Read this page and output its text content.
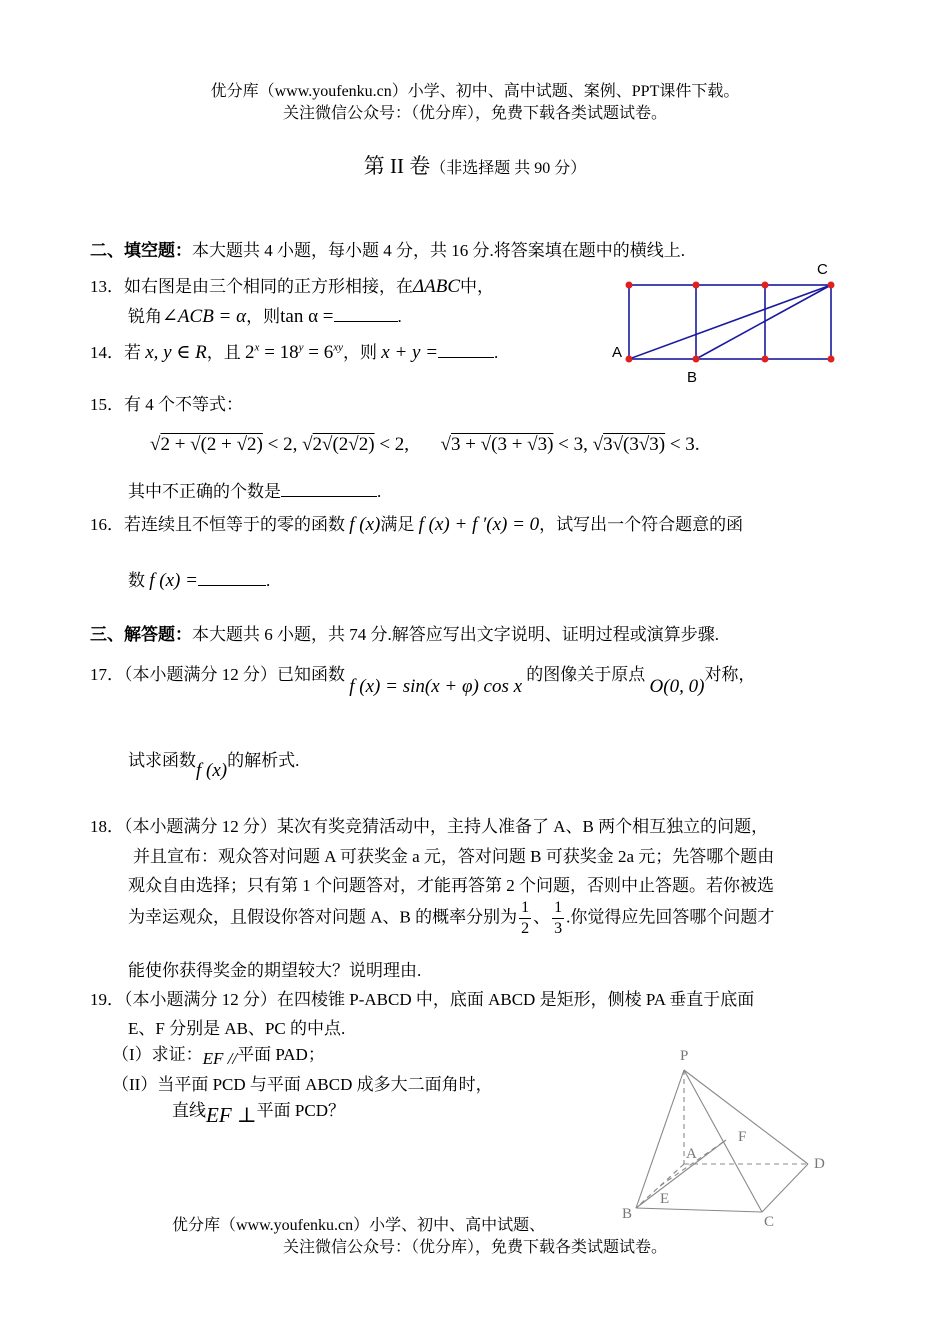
优分库（www.youfenku.cn）小学、初中、高中试题、案例、PPT课件下载。
关注微信公众号：（优分库），免费下载各类试题试卷。
第 II 卷（非选择题 共 90 分）
二、填空题：本大题共 4 小题，每小题 4 分，共 16 分.将答案填在题中的横线上.
13．如右图是由三个相同的正方形相接，在ΔABC中，
锐角∠ACB = α，则tan α =	.
14．若 x, y ∈ R，且 $2^x = 18^y = 6^{xy}$，则 x + y =	.
C
A
B
15．有 4 个不等式：
√2 + √(2 + √2) < 2, √2√(2√2) < 2, √3 + √(3 + √3) < 3, √3√(3√3) < 3.
其中不正确的个数是	.
16．若连续且不恒等于的零的函数 f (x)满足 f (x) + f ′(x) = 0，试写出一个符合题意的函
数 f (x) =	.
三、解答题：本大题共 6 小题，共 74 分.解答应写出文字说明、证明过程或演算步骤.
17．（本小题满分 12 分）已知函数 f (x) = sin(x + φ) cos x 的图像关于原点 O(0, 0)对称，
试求函数f (x)的解析式.
18．（本小题满分 12 分）某次有奖竞猜活动中，主持人准备了 A、B 两个相互独立的问题，
并且宣布：观众答对问题 A 可获奖金 a 元，答对问题 B 可获奖金 2a 元；先答哪个题由
观众自由选择；只有第 1 个问题答对，才能再答第 2 个问题，否则中止答题。若你被选
为幸运观众，且假设你答对问题 A、B 的概率分别为 $\frac{1}{2}$ 、 $\frac{1}{3}$ .你觉得应先回答哪个问题才
能使你获得奖金的期望较大？说明理由.
19．（本小题满分 12 分）在四棱锥 P-ABCD 中，底面 ABCD 是矩形，侧棱 PA 垂直于底面
E、F 分别是 AB、PC 的中点.
（I）求证：EF //平面 PAD；
（II）当平面 PCD 与平面 ABCD 成多大二面角时，
直线EF ⊥平面 PCD？
P
A
F
D
E
B	C
优分库（www.youfenku.cn）小学、初中、高中试题、
关注微信公众号：（优分库），免费下载各类试题试卷。
